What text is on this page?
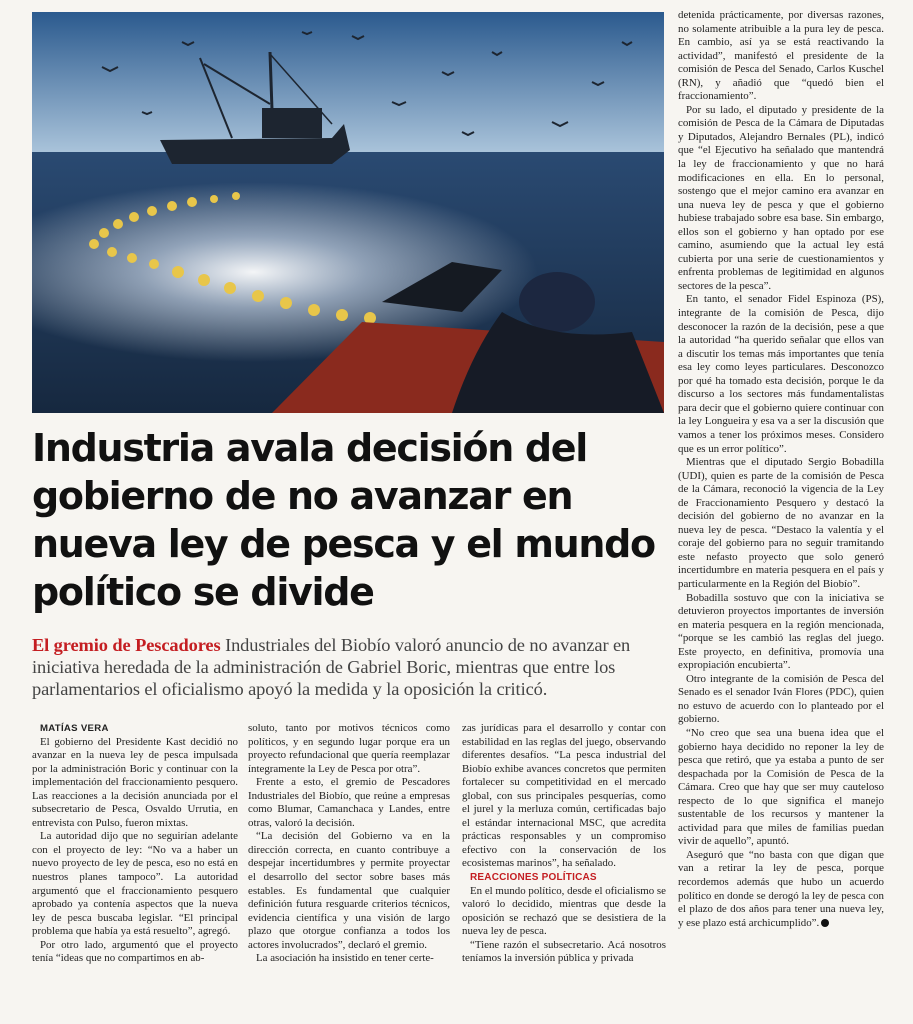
Industria avala decisión del gobierno de no avanzar en nueva ley de pesca y el mundo político se divide

El gremio de Pescadores Industriales del Biobío valoró anuncio de no avanzar en iniciativa heredada de la administración de Gabriel Boric, mientras que entre los parlamentarios el oficialismo apoyó la medida y la oposición la criticó.

MATÍAS VERA

El gobierno del Presidente Kast decidió no avanzar en la nueva ley de pesca impulsada por la administración Boric y continuar con la implementación del fraccionamiento pesquero. Las reacciones a la decisión anunciada por el subsecretario de Pesca, Osvaldo Urrutia, en entrevista con Pulso, fueron mixtas.

La autoridad dijo que no seguirían adelante con el proyecto de ley: “No va a haber un nuevo proyecto de ley de pesca, eso no está en nuestros planes tampoco”. La autoridad argumentó que el fraccionamiento pesquero aprobado ya contenía aspectos que la nueva ley de pesca buscaba legislar. “El principal problema que había ya está resuelto”, agregó.

Por otro lado, argumentó que el proyecto tenía “ideas que no compartimos en ab-

soluto, tanto por motivos técnicos como políticos, y en segundo lugar porque era un proyecto refundacional que quería reemplazar íntegramente la Ley de Pesca por otra”.

Frente a esto, el gremio de Pescadores Industriales del Biobío, que reúne a empresas como Blumar, Camanchaca y Landes, entre otras, valoró la decisión.

“La decisión del Gobierno va en la dirección correcta, en cuanto contribuye a despejar incertidumbres y permite proyectar el desarrollo del sector sobre bases más estables. Es fundamental que cualquier definición futura resguarde criterios técnicos, evidencia científica y una visión de largo plazo que otorgue confianza a todos los actores involucrados”, declaró el gremio.

La asociación ha insistido en tener certe-

zas jurídicas para el desarrollo y contar con estabilidad en las reglas del juego, observando diferentes desafíos. “La pesca industrial del Biobío exhibe avances concretos que permiten fortalecer su competitividad en el mercado global, con sus principales pesquerías, como el jurel y la merluza común, certificadas bajo el estándar internacional MSC, que acredita prácticas responsables y un compromiso efectivo con la conservación de los ecosistemas marinos”, ha señalado.

REACCIONES POLÍTICAS

En el mundo político, desde el oficialismo se valoró lo decidido, mientras que desde la oposición se rechazó que se desistiera de la nueva ley de pesca.

“Tiene razón el subsecretario. Acá nosotros teníamos la inversión pública y privada

detenida prácticamente, por diversas razones, no solamente atribuible a la pura ley de pesca. En cambio, así ya se está reactivando la actividad”, manifestó el presidente de la comisión de Pesca del Senado, Carlos Kuschel (RN), y añadió que “quedó bien el fraccionamiento”.

Por su lado, el diputado y presidente de la comisión de Pesca de la Cámara de Diputadas y Diputados, Alejandro Bernales (PL), indicó que “el Ejecutivo ha señalado que mantendrá la ley de fraccionamiento y que no hará modificaciones en ella. En lo personal, sostengo que el mejor camino era avanzar en una nueva ley de pesca y que el gobierno hubiese trabajado sobre esa base. Sin embargo, ellos son el gobierno y han optado por ese camino, asumiendo que la actual ley está cubierta por una serie de cuestionamientos y enfrenta problemas de legitimidad en algunos sectores de la pesca”.

En tanto, el senador Fidel Espinoza (PS), integrante de la comisión de Pesca, dijo desconocer la razón de la decisión, pese a que la autoridad “ha querido señalar que ellos van a discutir los temas más importantes que tenía esa ley como leyes particulares. Desconozco por qué ha tomado esta decisión, porque le da discurso a los sectores más fundamentalistas para decir que el gobierno quiere continuar con la ley Longueira y esa va a ser la discusión que vamos a tener los próximos meses. Considero que es un error político”.

Mientras que el diputado Sergio Bobadilla (UDI), quien es parte de la comisión de Pesca de la Cámara, reconoció la vigencia de la Ley de Fraccionamiento Pesquero y destacó la decisión del gobierno de no avanzar en la nueva ley de pesca. “Destaco la valentía y el coraje del gobierno para no seguir tramitando este nefasto proyecto que solo generó incertidumbre en materia pesquera en el país y particularmente en la Región del Biobío”.

Bobadilla sostuvo que con la iniciativa se detuvieron proyectos importantes de inversión en materia pesquera en la región mencionada, “porque se les cambió las reglas del juego. Este proyecto, en definitiva, promovía una expropiación encubierta”.

Otro integrante de la comisión de Pesca del Senado es el senador Iván Flores (PDC), quien no estuvo de acuerdo con lo planteado por el gobierno.

“No creo que sea una buena idea que el gobierno haya decidido no reponer la ley de pesca que retiró, que ya estaba a punto de ser despachada por la Comisión de Pesca de la Cámara. Creo que hay que ser muy cauteloso respecto de lo que significa el manejo sustentable de los recursos y mantener la actividad para que miles de familias puedan vivir de aquello”, apuntó.

Aseguró que “no basta con que digan que van a retirar la ley de pesca, porque recordemos además que hubo un acuerdo político en donde se derogó la ley de pesca con el plazo de dos años para tener una nueva ley, y ese plazo está archicumplido”.
